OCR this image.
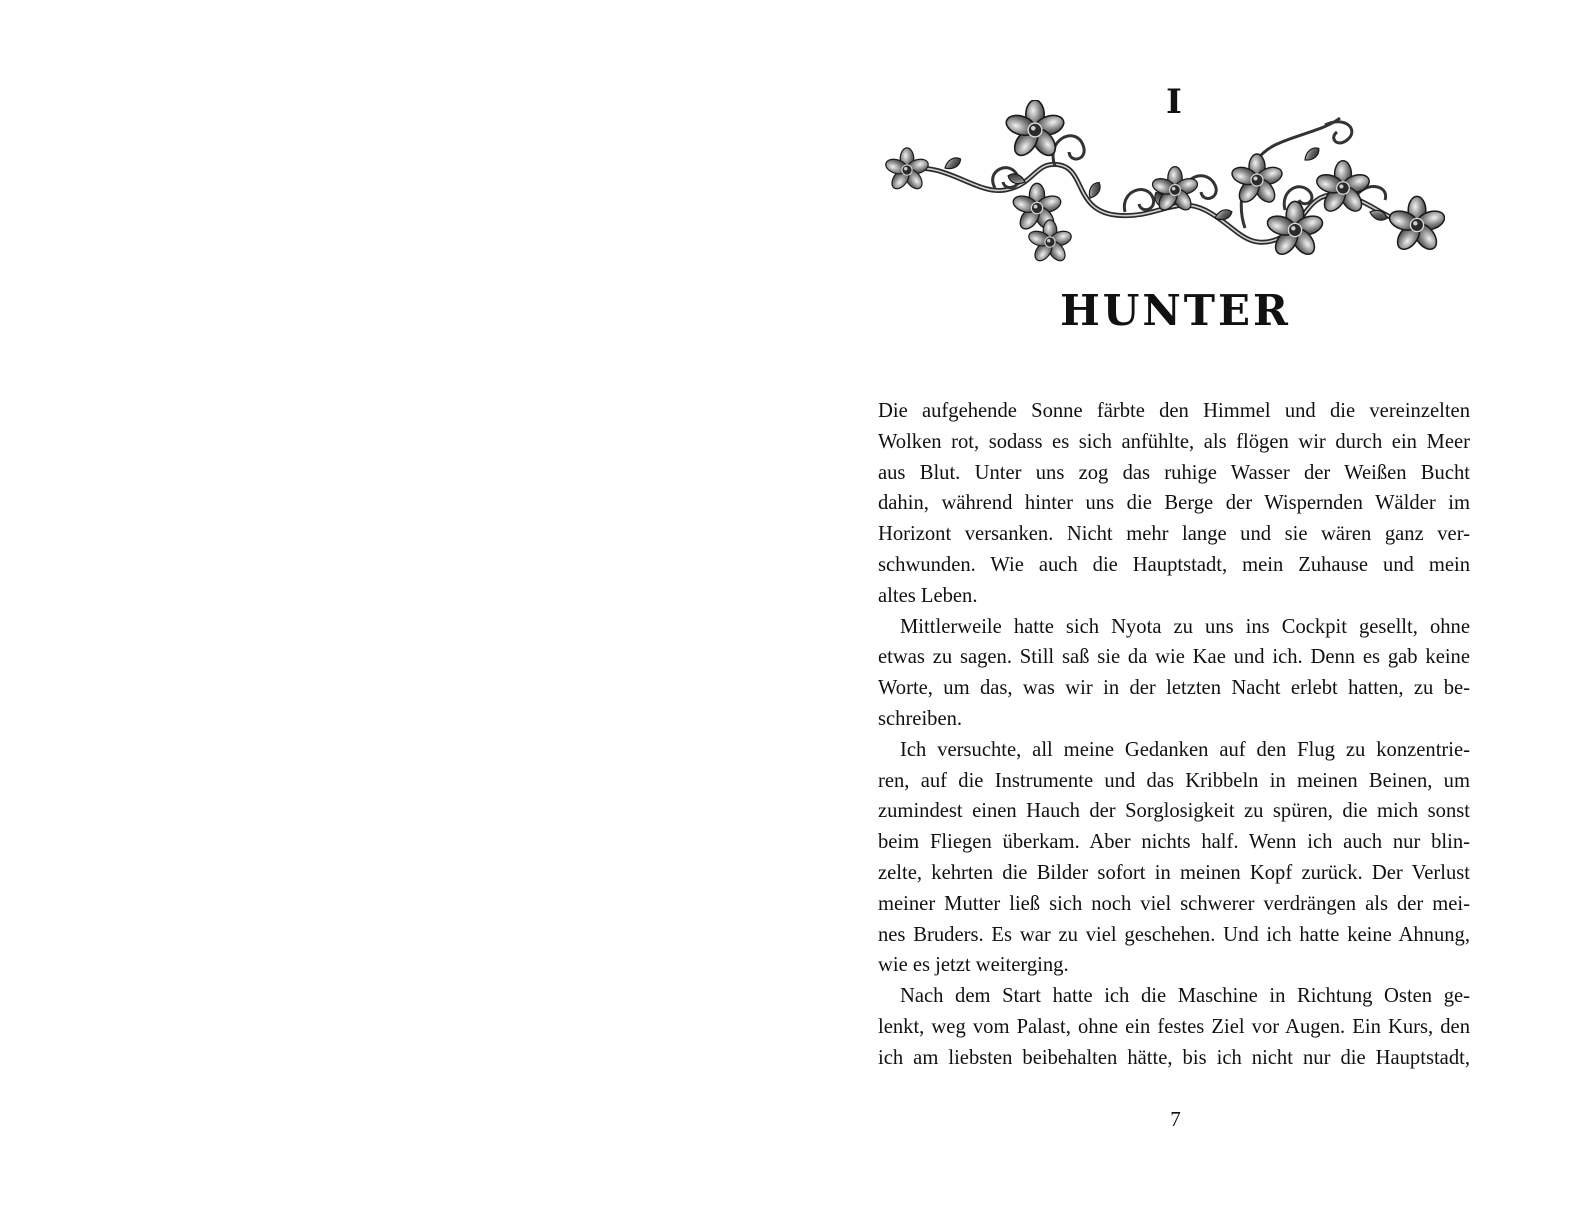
I
HUNTER

Die aufgehende Sonne färbte den Himmel und die vereinzelten
Wolken rot, sodass es sich anfühlte, als flögen wir durch ein Meer
aus Blut. Unter uns zog das ruhige Wasser der Weißen Bucht
dahin, während hinter uns die Berge der Wispernden Wälder im
Horizont versanken. Nicht mehr lange und sie wären ganz ver-
schwunden. Wie auch die Hauptstadt, mein Zuhause und mein
altes Leben.

Mittlerweile hatte sich Nyota zu uns ins Cockpit gesellt, ohne
etwas zu sagen. Still saß sie da wie Kae und ich. Denn es gab keine
Worte, um das, was wir in der letzten Nacht erlebt hatten, zu be-
schreiben.

Ich versuchte, all meine Gedanken auf den Flug zu konzentrie-
ren, auf die Instrumente und das Kribbeln in meinen Beinen, um
zumindest einen Hauch der Sorglosigkeit zu spüren, die mich sonst
beim Fliegen überkam. Aber nichts half. Wenn ich auch nur blin-
zelte, kehrten die Bilder sofort in meinen Kopf zurück. Der Verlust
meiner Mutter ließ sich noch viel schwerer verdrängen als der mei-
nes Bruders. Es war zu viel geschehen. Und ich hatte keine Ahnung,
wie es jetzt weiterging.

Nach dem Start hatte ich die Maschine in Richtung Osten ge-
lenkt, weg vom Palast, ohne ein festes Ziel vor Augen. Ein Kurs, den
ich am liebsten beibehalten hätte, bis ich nicht nur die Hauptstadt,

7
